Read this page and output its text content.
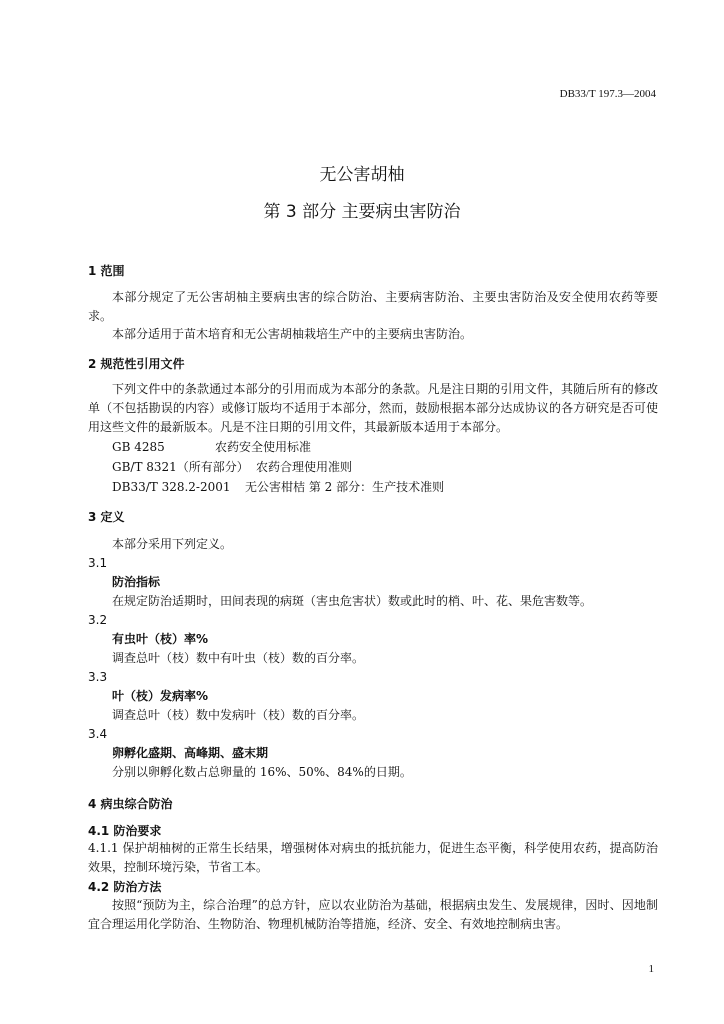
DB33/T 197.3—2004
无公害胡柚
第 3 部分 主要病虫害防治
1 范围
本部分规定了无公害胡柚主要病虫害的综合防治、主要病害防治、主要虫害防治及安全使用农药等要求。
本部分适用于苗木培育和无公害胡柚栽培生产中的主要病虫害防治。
2 规范性引用文件
下列文件中的条款通过本部分的引用而成为本部分的条款。凡是注日期的引用文件，其随后所有的修改单（不包括勘误的内容）或修订版均不适用于本部分，然而，鼓励根据本部分达成协议的各方研究是否可使用这些文件的最新版本。凡是不注日期的引用文件，其最新版本适用于本部分。
GB 4285	农药安全使用标准
GB/T 8321（所有部分） 农药合理使用准则
DB33/T 328.2-2001 无公害柑桔 第 2 部分：生产技术准则
3 定义
本部分采用下列定义。
3.1
防治指标
在规定防治适期时，田间表现的病斑（害虫危害状）数或此时的梢、叶、花、果危害数等。
3.2
有虫叶（枝）率%
调查总叶（枝）数中有叶虫（枝）数的百分率。
3.3
叶（枝）发病率%
调查总叶（枝）数中发病叶（枝）数的百分率。
3.4
卵孵化盛期、高峰期、盛末期
分别以卵孵化数占总卵量的 16%、50%、84%的日期。
4 病虫综合防治
4.1 防治要求
4.1.1 保护胡柚树的正常生长结果，增强树体对病虫的抵抗能力，促进生态平衡，科学使用农药，提高防治效果，控制环境污染，节省工本。
4.2 防治方法
按照“预防为主，综合治理”的总方针，应以农业防治为基础，根据病虫发生、发展规律，因时、因地制宜合理运用化学防治、生物防治、物理机械防治等措施，经济、安全、有效地控制病虫害。
1
